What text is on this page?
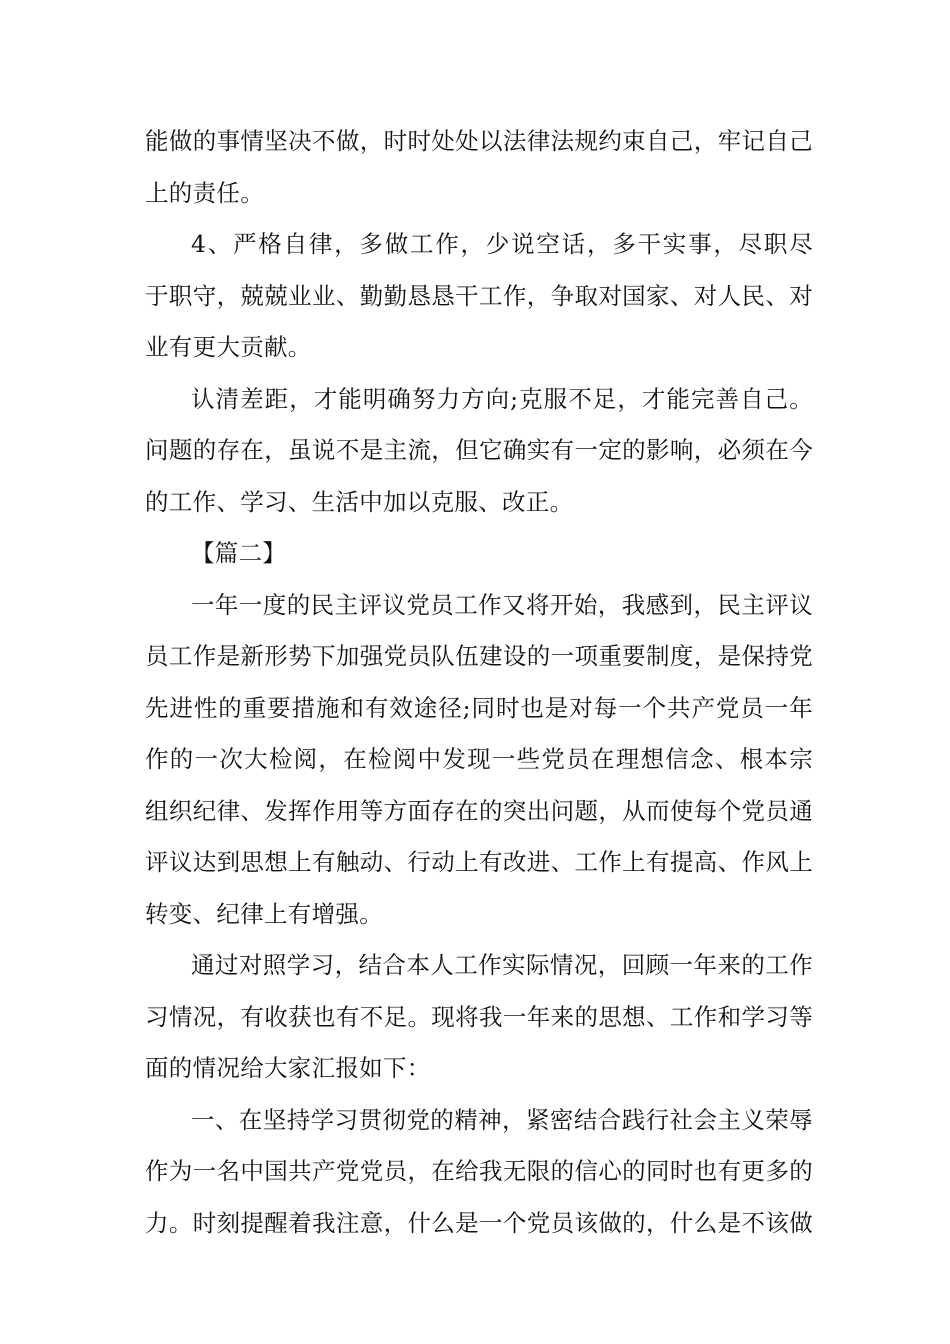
能做的事情坚决不做，时时处处以法律法规约束自己，牢记自己
上的责任。
4、严格自律，多做工作，少说空话，多干实事，尽职尽
于职守，兢兢业业、勤勤恳恳干工作，争取对国家、对人民、对
业有更大贡献。
认清差距，才能明确努力方向;克服不足，才能完善自己。
问题的存在，虽说不是主流，但它确实有一定的影响，必须在今
的工作、学习、生活中加以克服、改正。
【篇二】
一年一度的民主评议党员工作又将开始，我感到，民主评议
员工作是新形势下加强党员队伍建设的一项重要制度，是保持党
先进性的重要措施和有效途径;同时也是对每一个共产党员一年
作的一次大检阅，在检阅中发现一些党员在理想信念、根本宗
组织纪律、发挥作用等方面存在的突出问题，从而使每个党员通
评议达到思想上有触动、行动上有改进、工作上有提高、作风上
转变、纪律上有增强。
通过对照学习，结合本人工作实际情况，回顾一年来的工作
习情况，有收获也有不足。现将我一年来的思想、工作和学习等
面的情况给大家汇报如下：
一、在坚持学习贯彻党的精神，紧密结合践行社会主义荣辱
作为一名中国共产党党员，在给我无限的信心的同时也有更多的
力。时刻提醒着我注意，什么是一个党员该做的，什么是不该做
